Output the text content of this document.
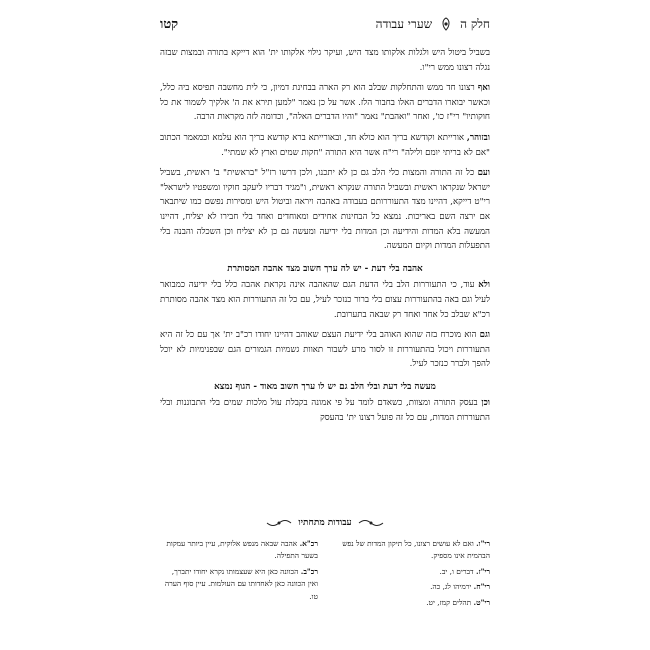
חלק ה
שערי עבודה
קטו

בשביל ביטול היש ולגלות אלקותו מצד היש, ועיקר גילוי אלקותו ית' הוא דייקא בתורה ובמצות שבזה נגלה רצונו ממש רי"ו.

ואף רצונו חד ממש והתחלקות שבלב הוא רק הארה בבחינת דמיון, כי לית מחשבה תפיסא ביה כלל, וכאשר יבוארו הדברים האלו בחבור הלז. אשר על כן נאמר "למען תירא את ה' אלקיך לשמור את כל חוקותיו" רי"ז כו', ואחר "ואהבת" נאמר "והיו הדברים האלה", וכדומה לזה מקראות הרבה.

ובזוהר, אורייתא וקודשא בריך הוא כולא חד, ובאורייתא ברא קודשא בריך הוא עלמא וכמאמר הכתוב "אם לא בריתי יומם ולילה" רי"ח אשר היא התורה "חקות שמים וארץ לא שמתי".

ועם כל זה התורה והמצות כלי הלב גם כן לא יתכנו, ולכן דרשו רז"ל "בראשית" ב' ראשית, בשביל ישראל שנקראו ראשית ובשביל התורה שנקרא ראשית, ו"מגיד דבריו ליעקב חוקיו ומשפטיו לישראל" רי"ט דייקא, דהיינו מצד התעוררותם בעבודה באהבה ויראה וביטול היש ומסירות נפשם כמו שיתבאר אם ירצה השם באריכות. נמצא כל הבחינות אחידים ומאוחדים ואחד בלי חבירו לא יצליח, דהיינו המעשה בלא המדות והידיעה וכן המדות בלי ידיעה ומעשה גם כן לא יצליח וכן השכלה והבנה בלי התפעלות המדות וקיום המעשה.

אהבה בלי דעת - יש לה ערך חשוב מצד אהבה המסותרת

ולא עוד, כי התעוררות הלב בלי הדעת הגם שהאהבה אינה נקראת אהבה כלל בלי ידיעה כמבואר לעיל וגם באה בהתעוררות עצום בלי ברור כנזכר לעיל, עם כל זה התעוררות הוא מצד אהבה מסותרת רכ"א שבלב כל אחד ואחד רק שבאה בתערובת.

וגם הוא מוכרח בזה שהוא האוהב בלי ידיעת העצם שאוהב דהיינו יחודו רכ"ב ית' אך עם כל זה היא התעוררות ויכול בהתעוררות זו לסור מרע לשבור תאוות גשמיות הגמורים הגם שבפנימיות לא יוכל להפך ולברר כנזכר לעיל.

מעשה בלי דעת ובלי הלב גם יש לו ערך חשוב מאוד - הגוף נמצא

וכן בעסק התורה ומצוות, כשאדם לומד על פי אמונה בקבלת עול מלכות שמים בלי התבוננות ובלי התעוררות המדות, עם כל זה פועל רצונו ית' בהעסק

עבודות מתחתיו
רי"ו. ואם לא עושים רצונו, כל תיקון המדות של נפש הבהמית אינו מספיק.
רי"ז. דברים ו, יב.
רי"ח. ירמיהו לג, כה.
רי"ט. תהלים קמז, יט.
רכ"א. אהבה שבאה מנפש אלוקית, עיין ביותר עמקות בשער התפילה.
רכ"ב. הכוונה כאן היא שעצמותו נקרא יחודו יתברך, ואין הכוונה כאן לאחדותו עם העולמות. עיין סוף הערה טו.
